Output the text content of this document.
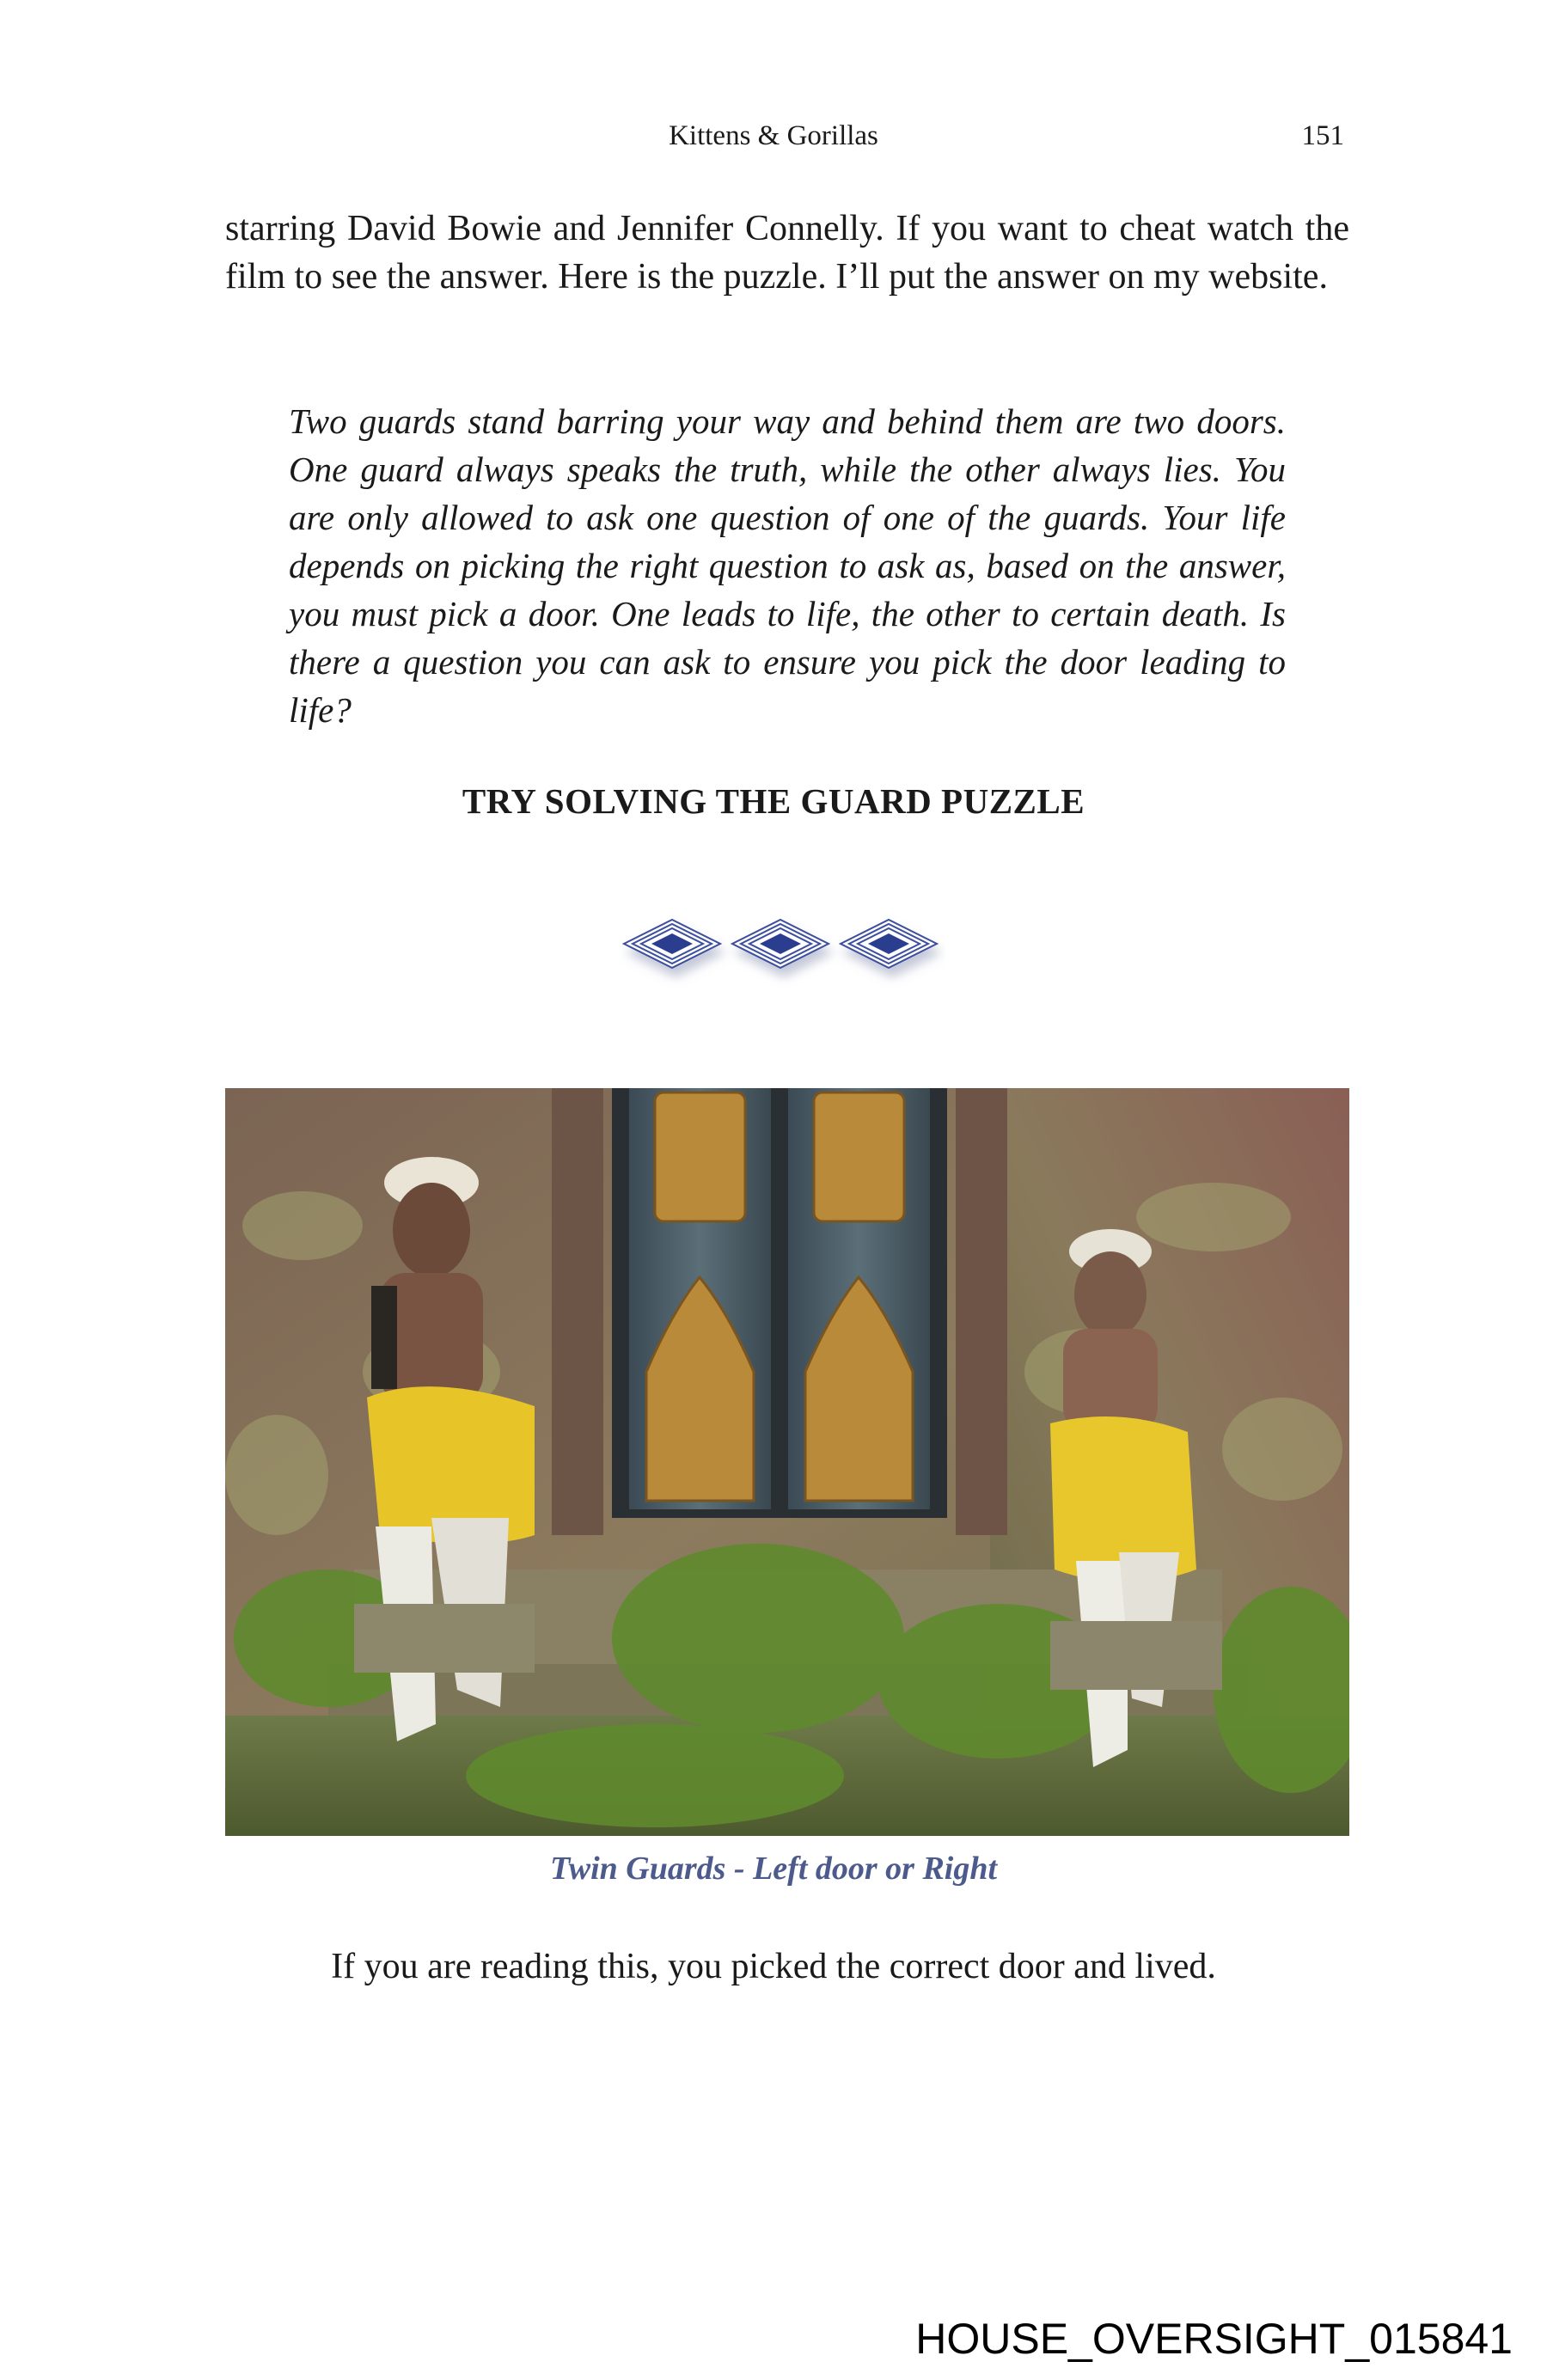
Kittens & Gorillas	151

starring David Bowie and Jennifer Connelly. If you want to cheat watch the film to see the answer. Here is the puzzle. I’ll put the answer on my website.

Two guards stand barring your way and behind them are two doors. One guard always speaks the truth, while the other always lies. You are only allowed to ask one question of one of the guards. Your life depends on picking the right question to ask as, based on the answer, you must pick a door. One leads to life, the other to certain death. Is there a question you can ask to ensure you pick the door leading to life?

TRY SOLVING THE GUARD PUZZLE

Twin Guards - Left door or Right

If you are reading this, you picked the correct door and lived.

HOUSE_OVERSIGHT_015841
